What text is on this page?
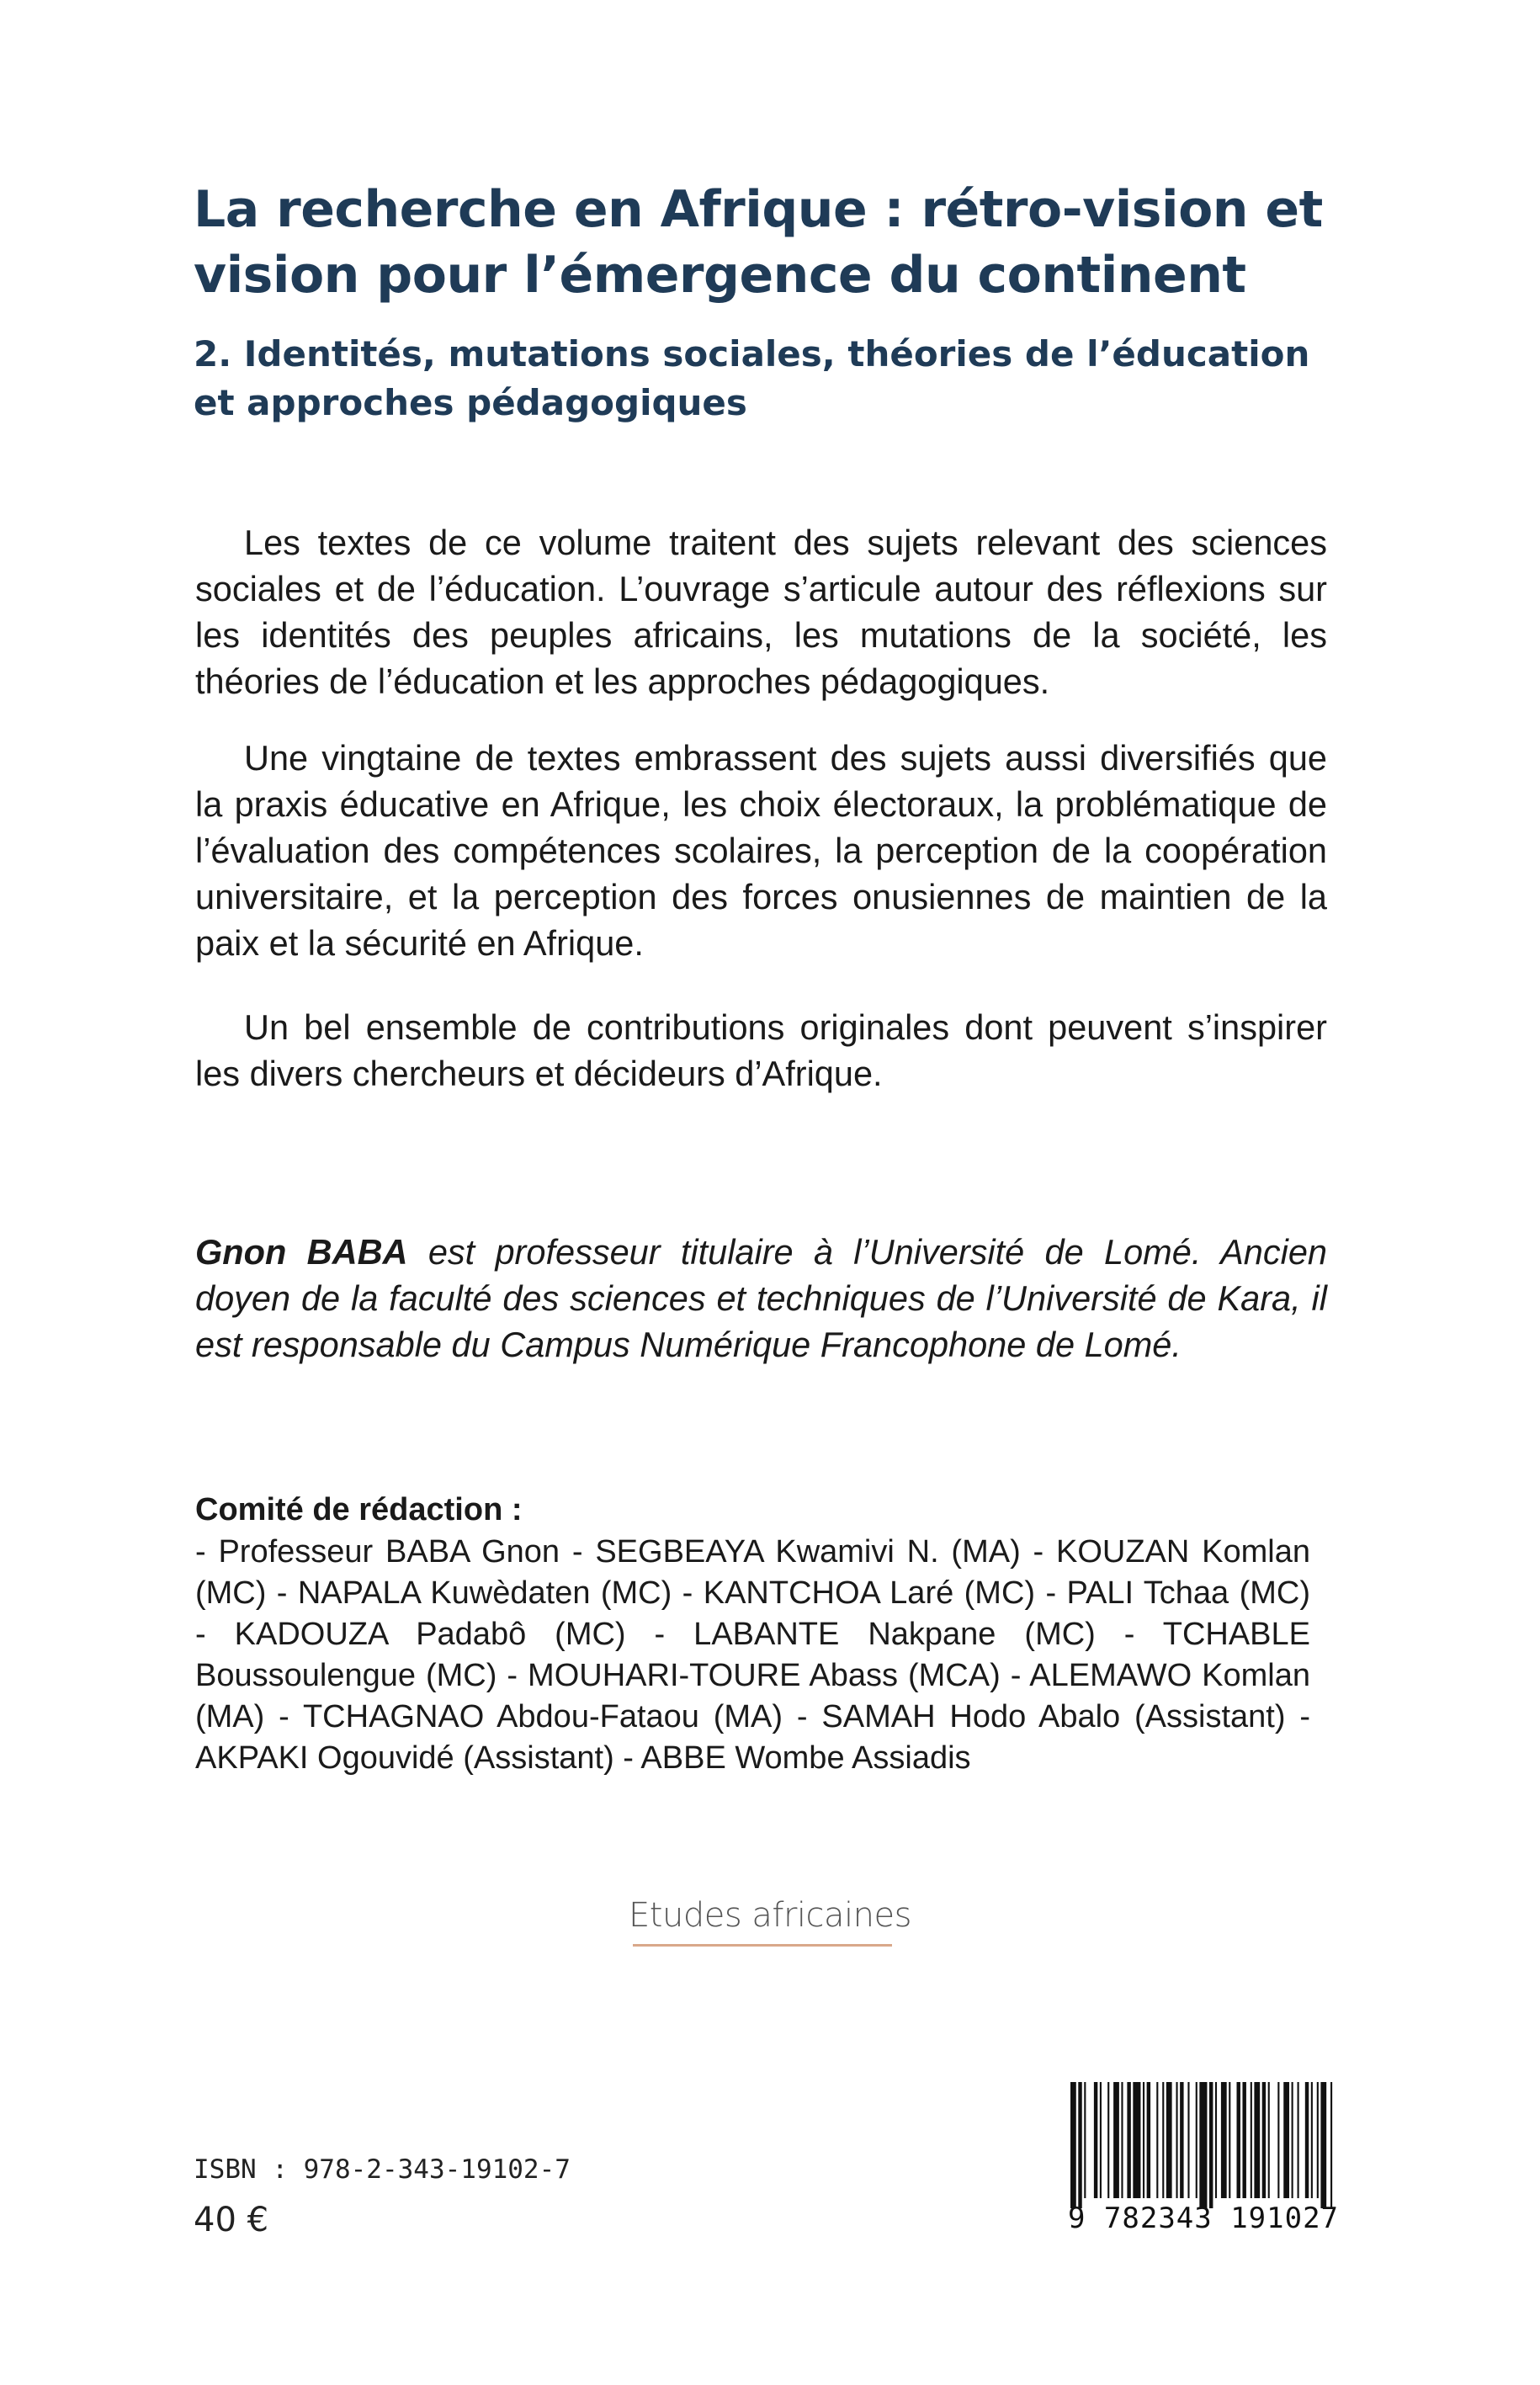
La recherche en Afrique : rétro-vision et
vision pour l’émergence du continent
2. Identités, mutations sociales, théories de l’éducation
et approches pédagogiques

Les textes de ce volume traitent des sujets relevant des sciences sociales et de l’éducation. L’ouvrage s’articule autour des réflexions sur les identités des peuples africains, les mutations de la société, les théories de l’éducation et les approches pédagogiques.

Une vingtaine de textes embrassent des sujets aussi diversifiés que la praxis éducative en Afrique, les choix électoraux, la problématique de l’évaluation des compétences scolaires, la perception de la coopération universitaire, et la perception des forces onusiennes de maintien de la paix et la sécurité en Afrique.

Un bel ensemble de contributions originales dont peuvent s’inspirer les divers chercheurs et décideurs d’Afrique.

Gnon BABA est professeur titulaire à l’Université de Lomé. Ancien doyen de la faculté des sciences et techniques de l’Université de Kara, il est responsable du Campus Numérique Francophone de Lomé.

Comité de rédaction :

- Professeur BABA Gnon - SEGBEAYA Kwamivi N. (MA) - KOUZAN Komlan (MC) - NAPALA Kuwèdaten (MC) - KANTCHOA Laré (MC) - PALI Tchaa (MC) - KADOUZA Padabô (MC) - LABANTE Nakpane (MC) - TCHABLE Boussoulengue (MC) - MOUHARI-TOURE Abass (MCA) - ALEMAWO Komlan (MA) - TCHAGNAO Abdou-Fataou (MA) - SAMAH Hodo Abalo (Assistant) - AKPAKI Ogouvidé (Assistant) - ABBE Wombe Assiadis

Etudes africaines

ISBN : 978-2-343-19102-7

40 €	9 782343 191027
